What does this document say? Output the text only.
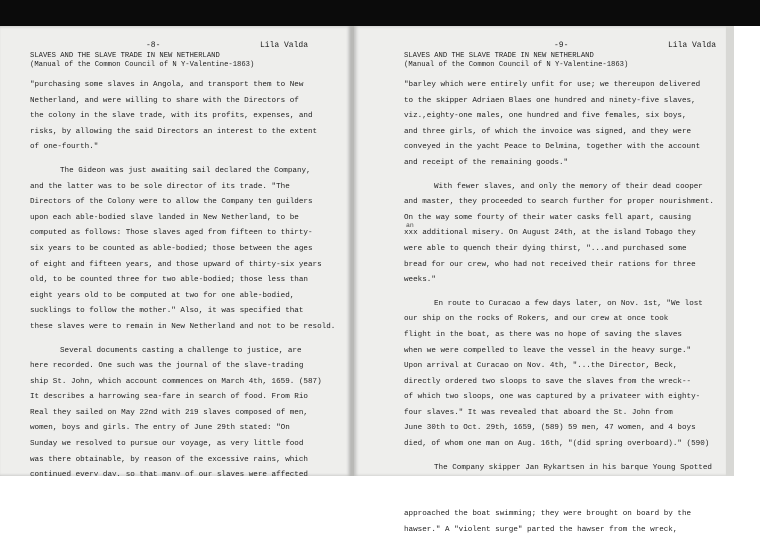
-8-	Lila Valda
SLAVES AND THE SLAVE TRADE IN NEW NETHERLAND
(Manual of the Common Council of N Y-Valentine-1863)
"purchasing some slaves in Angola, and transport them to New
Netherland, and were willing to share with the Directors of
the colony in the slave trade, with its profits, expenses, and
risks, by allowing the said Directors an interest to the extent
of one-fourth."
The Gideon was just awaiting sail declared the Company,
and the latter was to be sole director of its trade. "The
Directors of the Colony were to allow the Company ten guilders
upon each able-bodied slave landed in New Netherland, to be
computed as follows: Those slaves aged from fifteen to thirty-
six years to be counted as able-bodied; those between the ages
of eight and fifteen years, and those upward of thirty-six years
old, to be counted three for two able-bodied; those less than
eight years old to be computed at two for one able-bodied,
sucklings to follow the mother." Also, it was specified that
these slaves were to remain in New Netherland and not to be resold.
Several documents casting a challenge to justice, are
here recorded. One such was the journal of the slave-trading
ship St. John, which account commences on March 4th, 1659. (587)
It describes a harrowing sea-fare in search of food. From Rio
Real they sailed on May 22nd with 219 slaves composed of men,
women, boys and girls. The entry of June 29th stated: "On
Sunday we resolved to pursue our voyage, as very little food
was there obtainable, by reason of the excessive rains, which
-9-	Lila Valda
SLAVES AND THE SLAVE TRADE IN NEW NETHERLAND
(Manual of the Common Council of N Y-Valentine-1863)
"barley which were entirely unfit for use; we thereupon delivered
to the skipper Adriaen Blaes one hundred and ninety-five slaves,
viz.,eighty-one males, one hundred and five females, six boys,
and three girls, of which the invoice was signed, and they were
conveyed in the yacht Peace to Delmina, together with the account
and receipt of the remaining goods."
With fewer slaves, and only the memory of their dead cooper
and master, they proceeded to search further for proper nourishment.
On the way some fourty of their water casks fell apart, causing
an
xxx additional misery. On August 24th, at the island Tobago they
were able to quench their dying thirst, "...and purchased some
bread for our crew, who had not received their rations for three
weeks."
En route to Curacao a few days later, on Nov. 1st, "We lost
our ship on the rocks of Rokers, and our crew at once took
flight in the boat, as there was no hope of saving the slaves
when we were compelled to leave the vessel in the heavy surge."
Upon arrival at Curacao on Nov. 4th, "...the Director, Beck,
directly ordered two sloops to save the slaves from the wreck--
of which two sloops, one was captured by a privateer with eighty-
four slaves." It was revealed that aboard the St. John from
June 30th to Oct. 29th, 1659, (589) 59 men, 47 women, and 4 boys
died, of whom one man on Aug. 16th, "(did spring overboard)." (590)
The Company skipper Jan Rykartsen in his barque Young Spotted
approached the boat swimming; they were brought on board by the
hawser." A "violent surge" parted the hawser from the wreck,
